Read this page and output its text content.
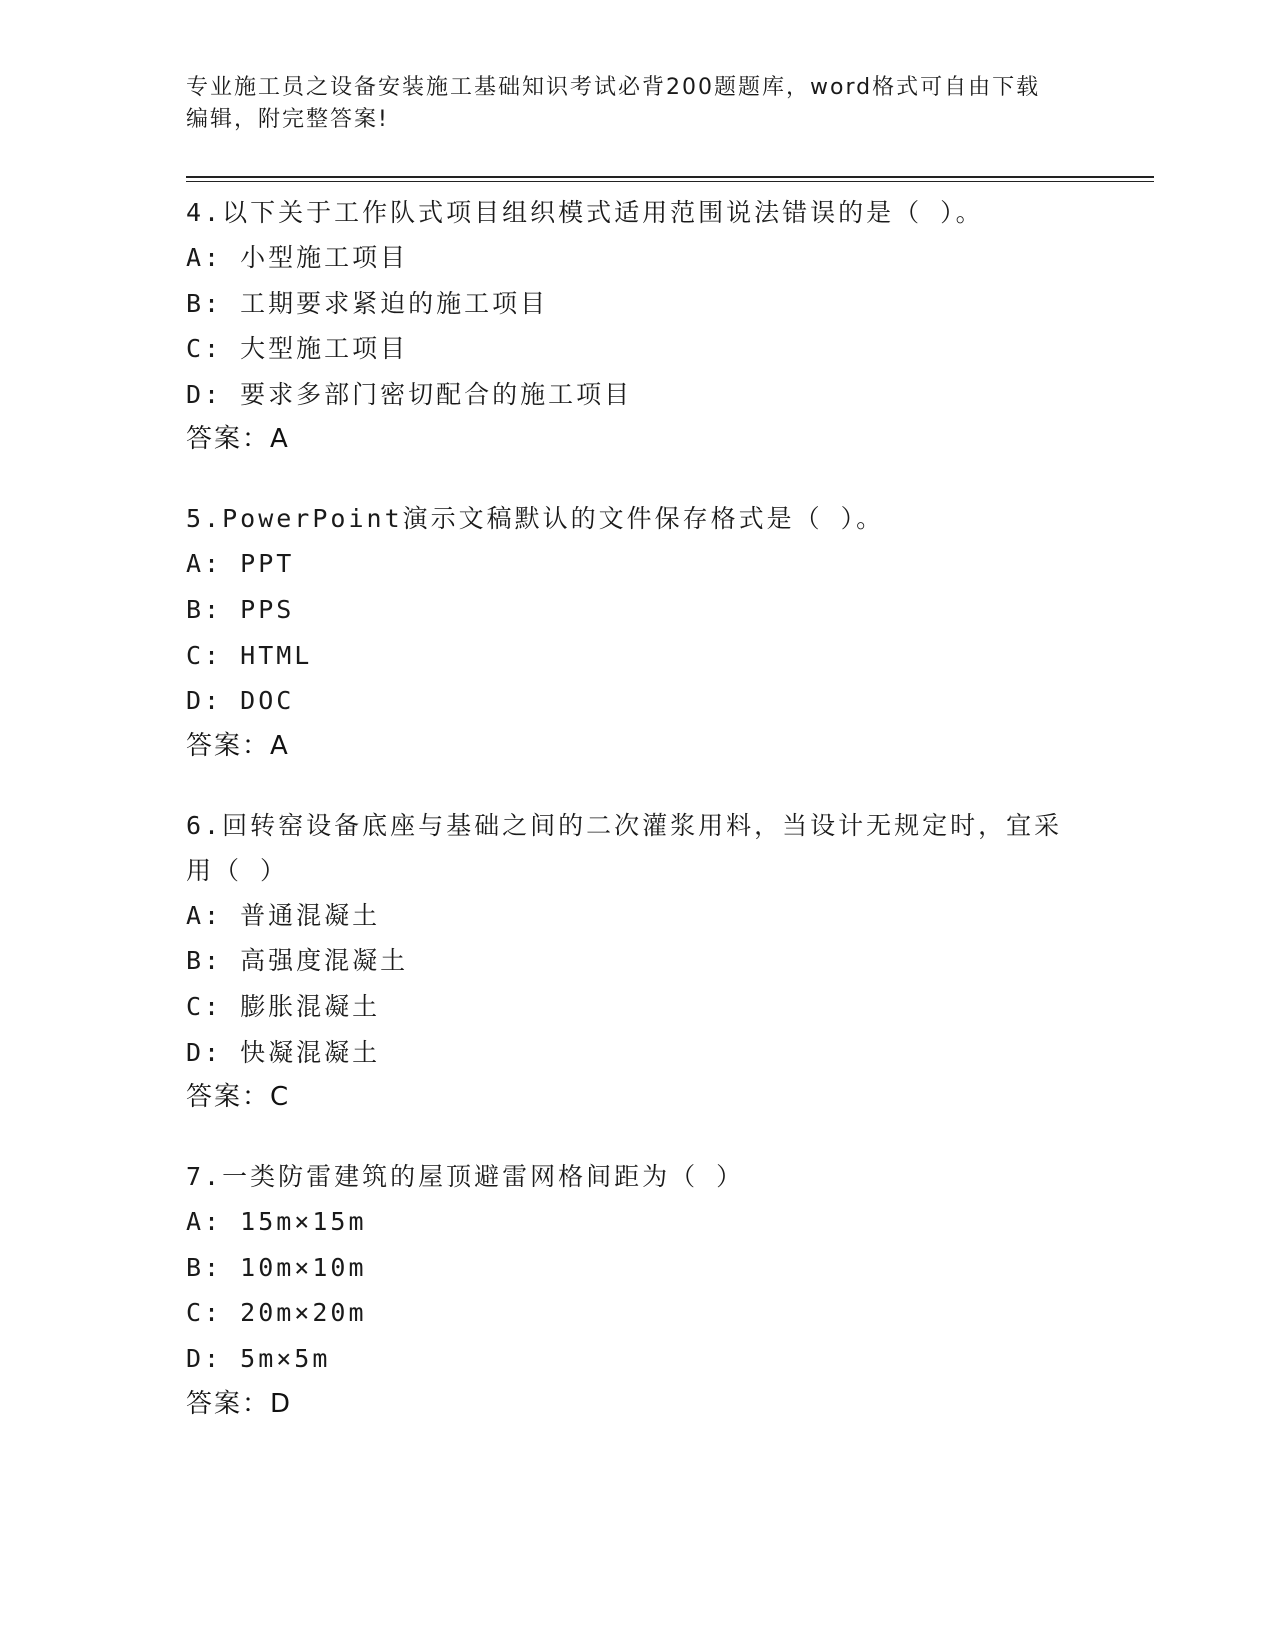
专业施工员之设备安装施工基础知识考试必背200题题库，word格式可自由下载
编辑，附完整答案!

4.以下关于工作队式项目组织模式适用范围说法错误的是（ ）。

A: 小型施工项目

B: 工期要求紧迫的施工项目

C: 大型施工项目

D: 要求多部门密切配合的施工项目

答案：A

5.PowerPoint演示文稿默认的文件保存格式是（ ）。

A: PPT

B: PPS

C: HTML

D: DOC

答案：A

6.回转窑设备底座与基础之间的二次灌浆用料，当设计无规定时，宜采用（ ）

A: 普通混凝土

B: 高强度混凝土

C: 膨胀混凝土

D: 快凝混凝土

答案：C

7.一类防雷建筑的屋顶避雷网格间距为（ ）

A: 15m×15m

B: 10m×10m

C: 20m×20m

D: 5m×5m

答案：D
